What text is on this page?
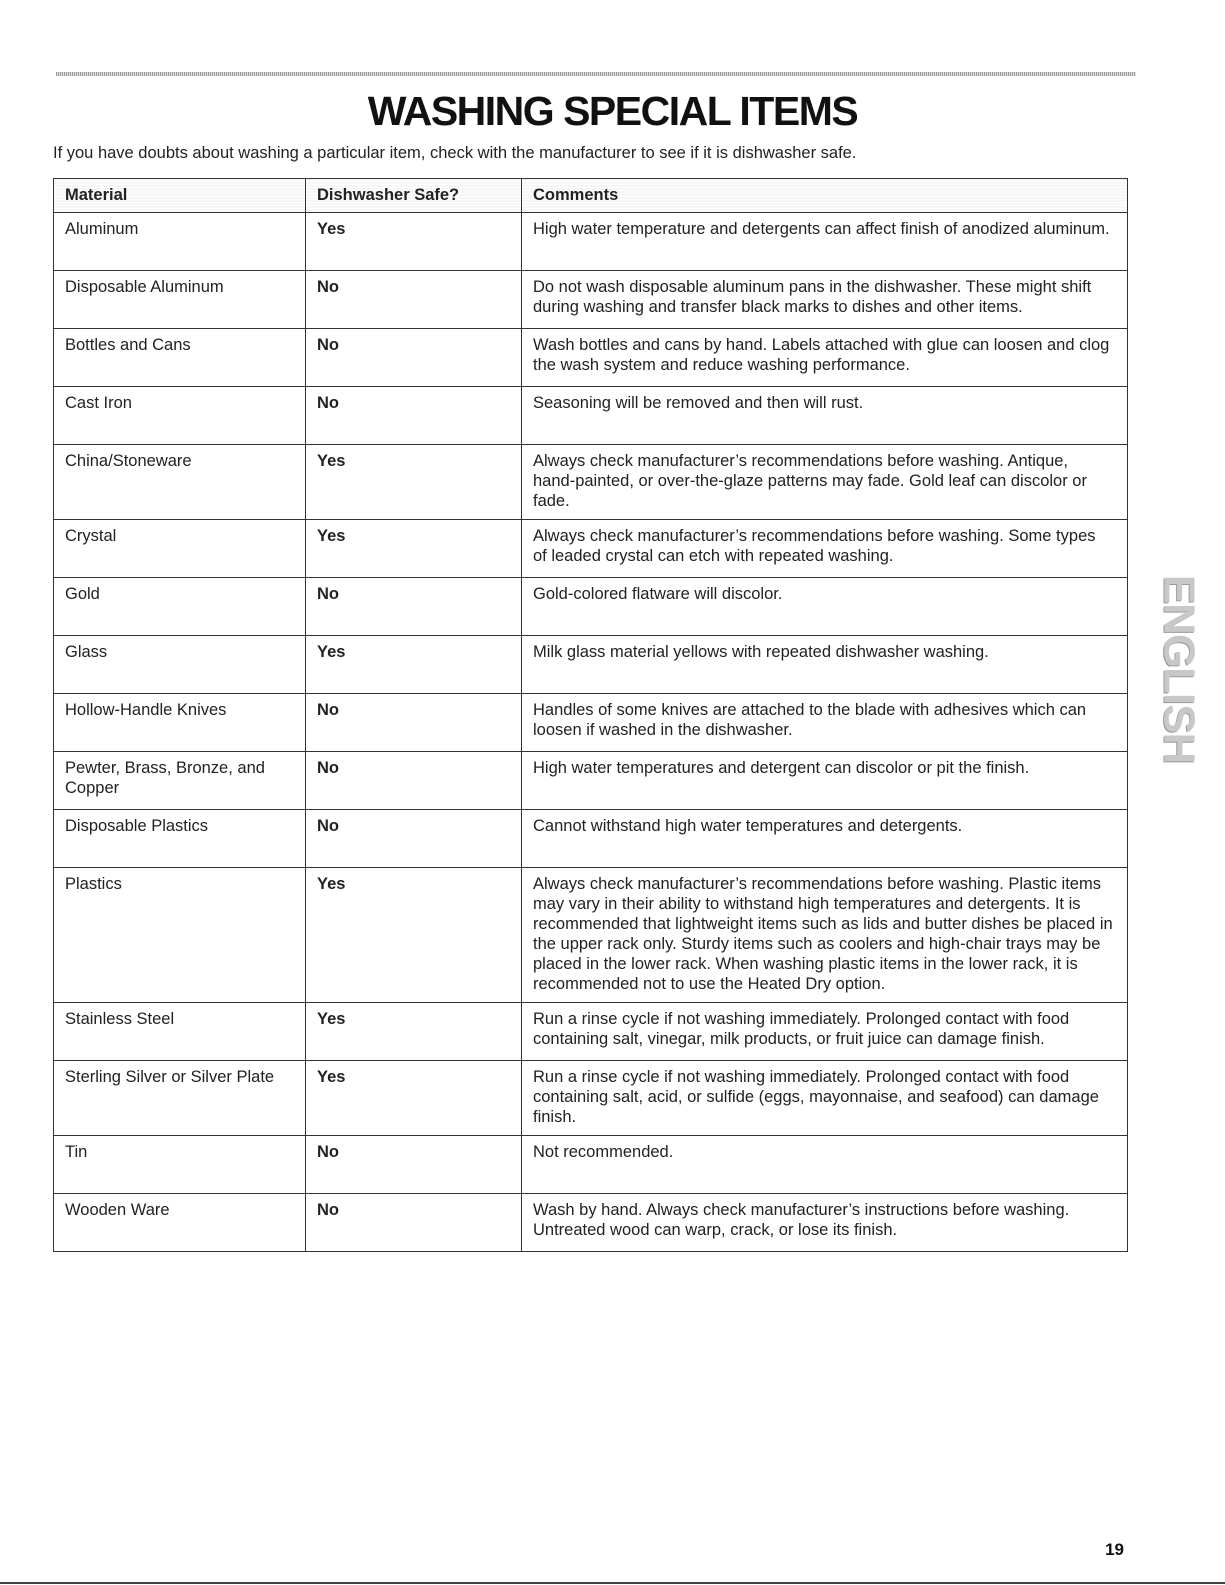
WASHING SPECIAL ITEMS

If you have doubts about washing a particular item, check with the manufacturer to see if it is dishwasher safe.

Material	Dishwasher Safe?	Comments
Aluminum	Yes	High water temperature and detergents can affect finish of anodized aluminum.
Disposable Aluminum	No	Do not wash disposable aluminum pans in the dishwasher. These might shift during washing and transfer black marks to dishes and other items.
Bottles and Cans	No	Wash bottles and cans by hand. Labels attached with glue can loosen and clog the wash system and reduce washing performance.
Cast Iron	No	Seasoning will be removed and then will rust.
China/Stoneware	Yes	Always check manufacturer’s recommendations before washing. Antique, hand-painted, or over-the-glaze patterns may fade. Gold leaf can discolor or fade.
Crystal	Yes	Always check manufacturer’s recommendations before washing. Some types of leaded crystal can etch with repeated washing.
Gold	No	Gold-colored flatware will discolor.
Glass	Yes	Milk glass material yellows with repeated dishwasher washing.
Hollow-Handle Knives	No	Handles of some knives are attached to the blade with adhesives which can loosen if washed in the dishwasher.
Pewter, Brass, Bronze, and Copper	No	High water temperatures and detergent can discolor or pit the finish.
Disposable Plastics	No	Cannot withstand high water temperatures and detergents.
Plastics	Yes	Always check manufacturer’s recommendations before washing. Plastic items may vary in their ability to withstand high temperatures and detergents. It is recommended that lightweight items such as lids and butter dishes be placed in the upper rack only. Sturdy items such as coolers and high-chair trays may be placed in the lower rack. When washing plastic items in the lower rack, it is recommended not to use the Heated Dry option.
Stainless Steel	Yes	Run a rinse cycle if not washing immediately. Prolonged contact with food containing salt, vinegar, milk products, or fruit juice can damage finish.
Sterling Silver or Silver Plate	Yes	Run a rinse cycle if not washing immediately. Prolonged contact with food containing salt, acid, or sulfide (eggs, mayonnaise, and seafood) can damage finish.
Tin	No	Not recommended.
Wooden Ware	No	Wash by hand. Always check manufacturer’s instructions before washing. Untreated wood can warp, crack, or lose its finish.
ENGLISH
19
